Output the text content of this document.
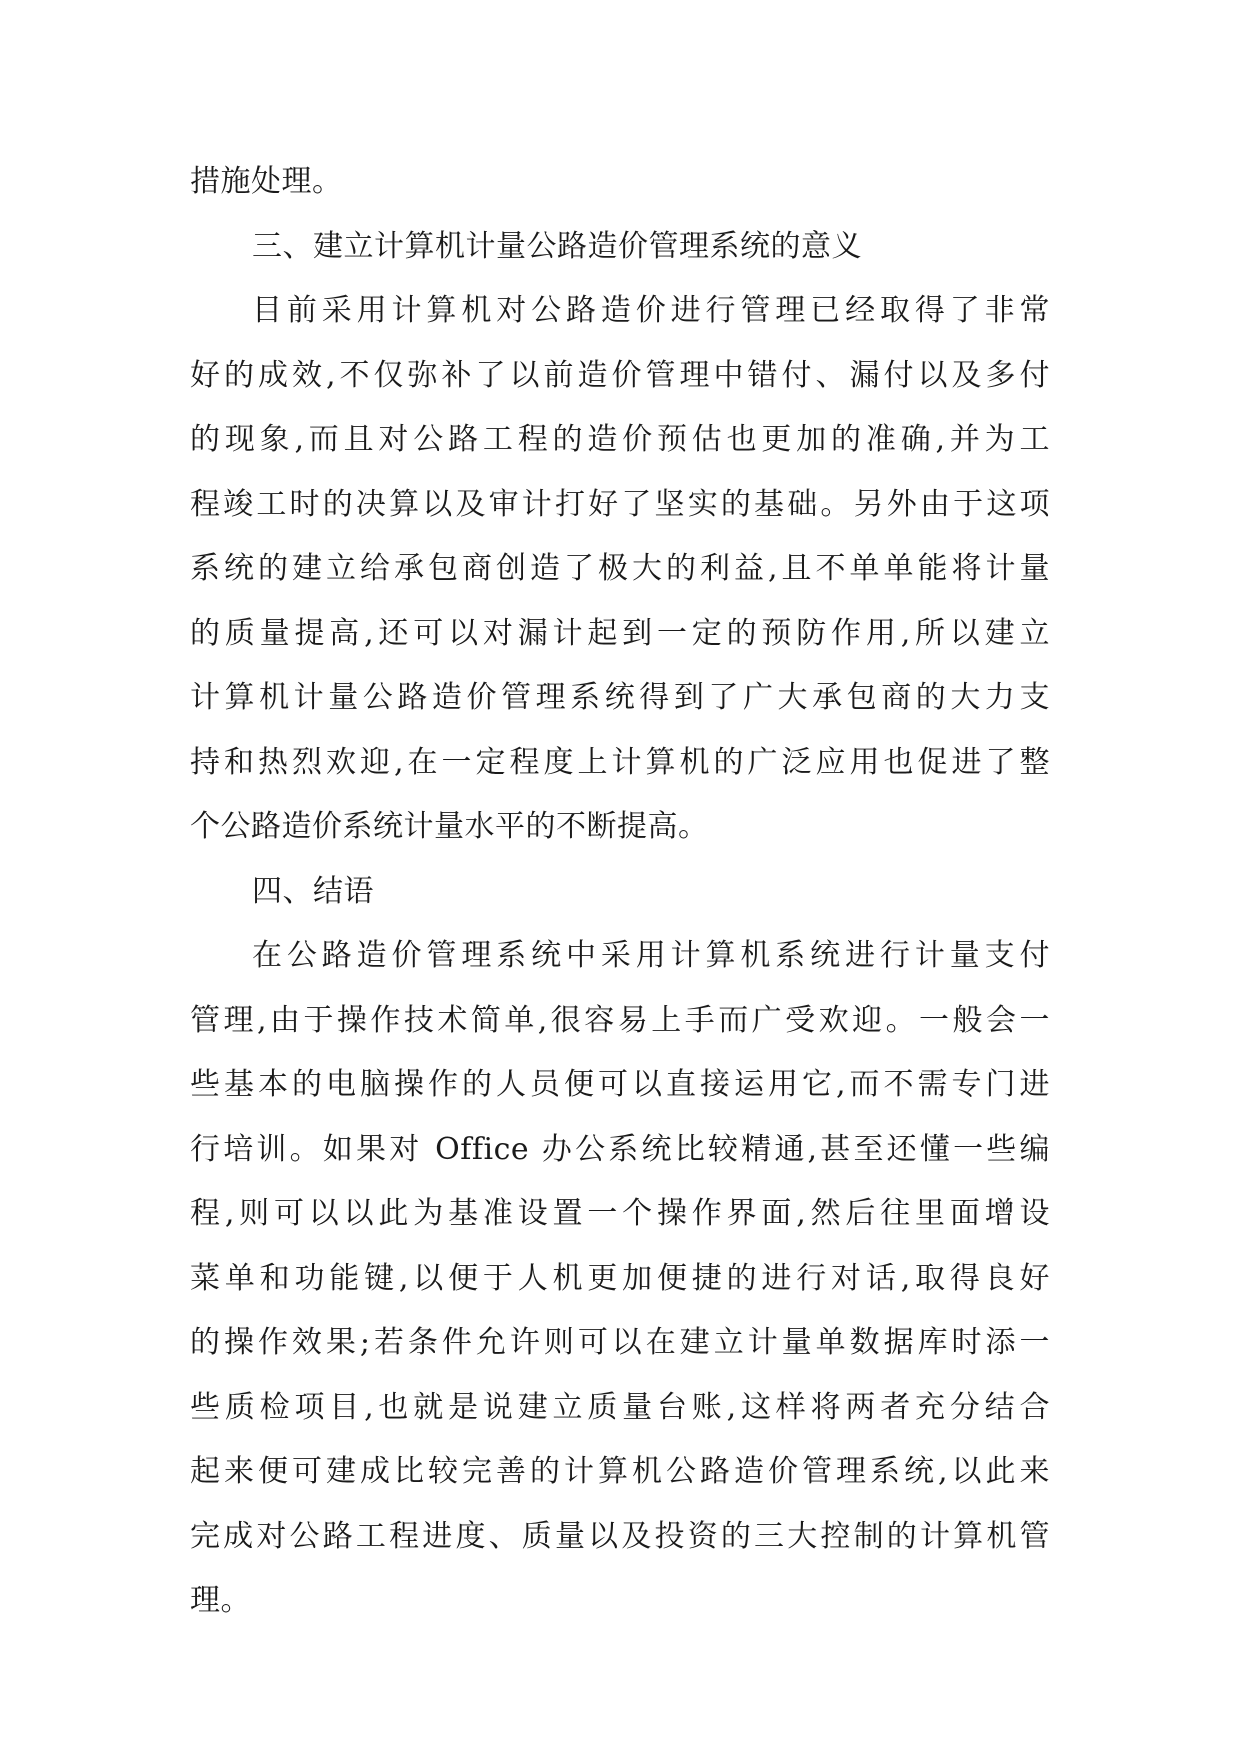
措施处理。
三、建立计算机计量公路造价管理系统的意义
目前采用计算机对公路造价进行管理已经取得了非常
好的成效,不仅弥补了以前造价管理中错付、漏付以及多付
的现象,而且对公路工程的造价预估也更加的准确,并为工
程竣工时的决算以及审计打好了坚实的基础。另外由于这项
系统的建立给承包商创造了极大的利益,且不单单能将计量
的质量提高,还可以对漏计起到一定的预防作用,所以建立
计算机计量公路造价管理系统得到了广大承包商的大力支
持和热烈欢迎,在一定程度上计算机的广泛应用也促进了整
个公路造价系统计量水平的不断提高。
四、结语
在公路造价管理系统中采用计算机系统进行计量支付
管理,由于操作技术简单,很容易上手而广受欢迎。一般会一
些基本的电脑操作的人员便可以直接运用它,而不需专门进
行培训。如果对 Office 办公系统比较精通,甚至还懂一些编
程,则可以以此为基准设置一个操作界面,然后往里面增设
菜单和功能键,以便于人机更加便捷的进行对话,取得良好
的操作效果;若条件允许则可以在建立计量单数据库时添一
些质检项目,也就是说建立质量台账,这样将两者充分结合
起来便可建成比较完善的计算机公路造价管理系统,以此来
完成对公路工程进度、质量以及投资的三大控制的计算机管
理。
